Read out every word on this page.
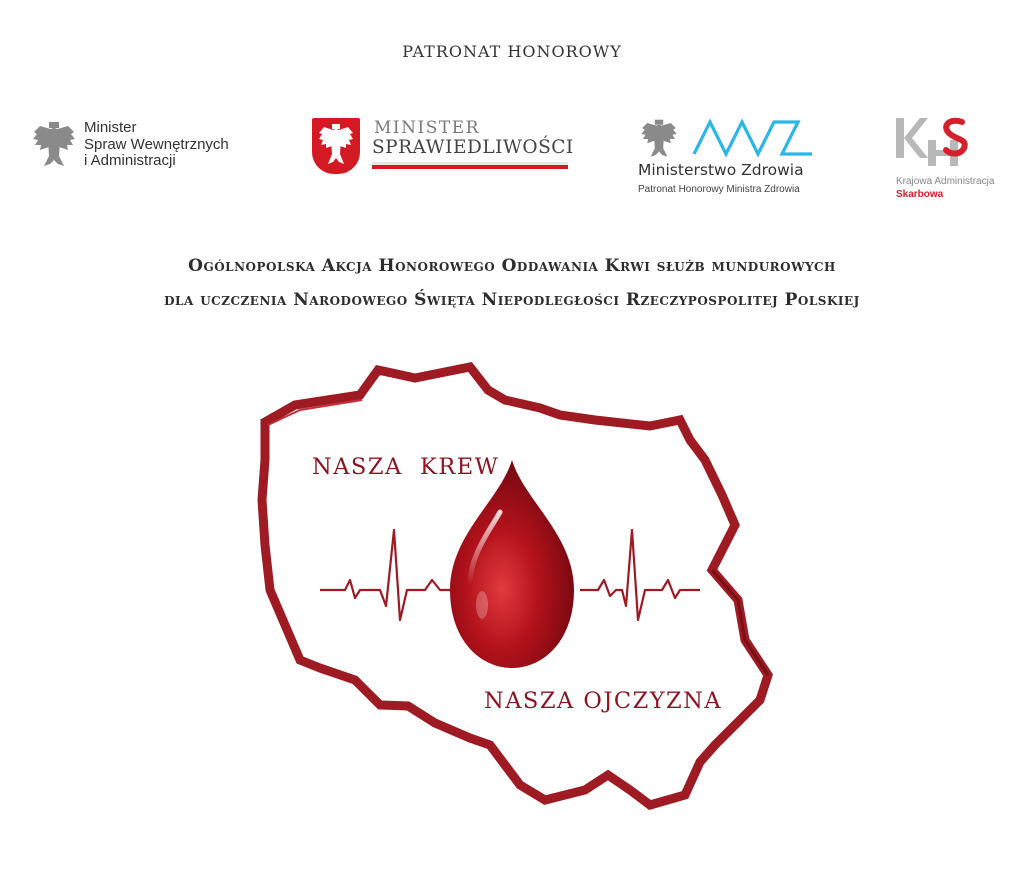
PATRONAT HONOROWY
Minister
Spraw Wewnętrznych
i Administracji
MINISTER
SPRAWIEDLIWOŚCI
Ministerstwo Zdrowia
Patronat Honorowy Ministra Zdrowia
Krajowa Administracja
Skarbowa
Ogólnopolska Akcja Honorowego Oddawania Krwi służb mundurowych
dla uczczenia Narodowego Święta Niepodległości Rzeczypospolitej Polskiej
NASZA  KREW
NASZA OJCZYZNA
